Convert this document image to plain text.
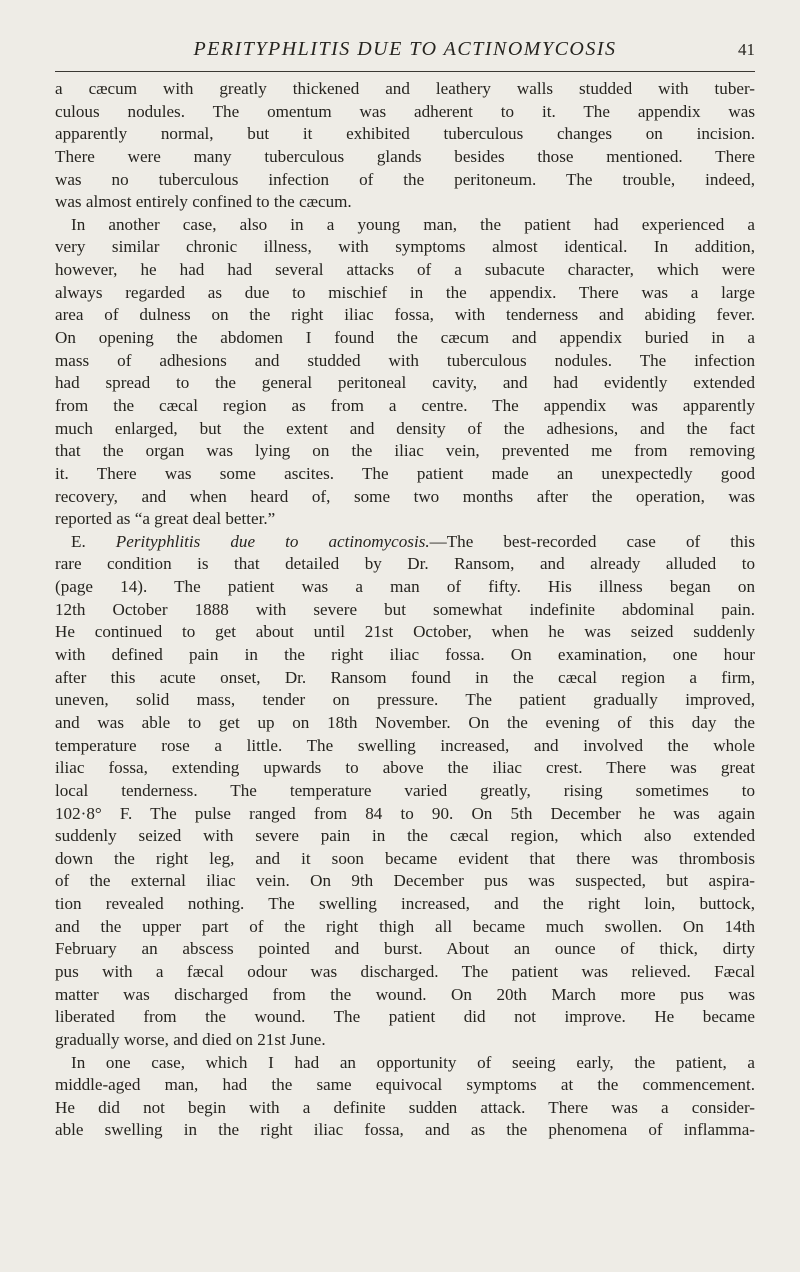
PERITYPHLITIS DUE TO ACTINOMYCOSIS	41
a cæcum with greatly thickened and leathery walls studded with tuber-
culous nodules. The omentum was adherent to it. The appendix was
apparently normal, but it exhibited tuberculous changes on incision.
There were many tuberculous glands besides those mentioned. There
was no tuberculous infection of the peritoneum. The trouble, indeed,
was almost entirely confined to the cæcum.
In another case, also in a young man, the patient had experienced a
very similar chronic illness, with symptoms almost identical. In addition,
however, he had had several attacks of a subacute character, which were
always regarded as due to mischief in the appendix. There was a large
area of dulness on the right iliac fossa, with tenderness and abiding fever.
On opening the abdomen I found the cæcum and appendix buried in a
mass of adhesions and studded with tuberculous nodules. The infection
had spread to the general peritoneal cavity, and had evidently extended
from the cæcal region as from a centre. The appendix was apparently
much enlarged, but the extent and density of the adhesions, and the fact
that the organ was lying on the iliac vein, prevented me from removing
it. There was some ascites. The patient made an unexpectedly good
recovery, and when heard of, some two months after the operation, was
reported as “a great deal better.”
E. Perityphlitis due to actinomycosis.—The best-recorded case of this
rare condition is that detailed by Dr. Ransom, and already alluded to
(page 14). The patient was a man of fifty. His illness began on
12th October 1888 with severe but somewhat indefinite abdominal pain.
He continued to get about until 21st October, when he was seized suddenly
with defined pain in the right iliac fossa. On examination, one hour
after this acute onset, Dr. Ransom found in the cæcal region a firm,
uneven, solid mass, tender on pressure. The patient gradually improved,
and was able to get up on 18th November. On the evening of this day the
temperature rose a little. The swelling increased, and involved the whole
iliac fossa, extending upwards to above the iliac crest. There was great
local tenderness. The temperature varied greatly, rising sometimes to
102·8° F. The pulse ranged from 84 to 90. On 5th December he was again
suddenly seized with severe pain in the cæcal region, which also extended
down the right leg, and it soon became evident that there was thrombosis
of the external iliac vein. On 9th December pus was suspected, but aspira-
tion revealed nothing. The swelling increased, and the right loin, buttock,
and the upper part of the right thigh all became much swollen. On 14th
February an abscess pointed and burst. About an ounce of thick, dirty
pus with a fæcal odour was discharged. The patient was relieved. Fæcal
matter was discharged from the wound. On 20th March more pus was
liberated from the wound. The patient did not improve. He became
gradually worse, and died on 21st June.
In one case, which I had an opportunity of seeing early, the patient, a
middle-aged man, had the same equivocal symptoms at the commencement.
He did not begin with a definite sudden attack. There was a consider-
able swelling in the right iliac fossa, and as the phenomena of inflamma-
